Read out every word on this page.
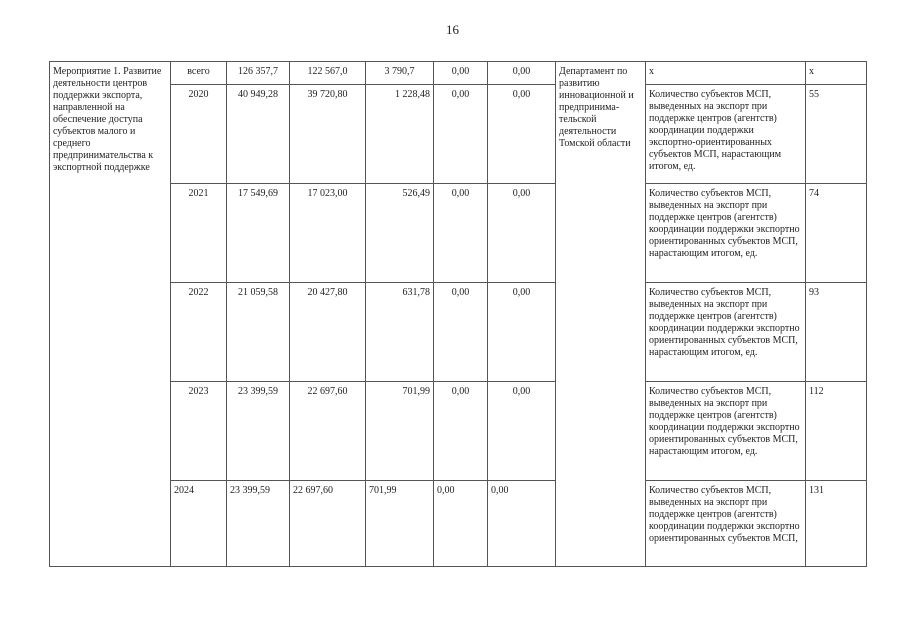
16
Мероприятие 1. Развитие деятельности центров поддержки экспорта, направленной на обеспечение доступа субъектов малого и среднего предпринимательства к экспортной поддержке	всего	126 357,7	122 567,0	3 790,7	0,00	0,00	Департамент по развитию инновационной и предпринима-тельской деятельности Томской области	x	x
	2020	40 949,28	39 720,80	1 228,48	0,00	0,00		Количество субъектов МСП, выведенных на экспорт при поддержке центров (агентств) координации поддержки экспортно-ориентированных субъектов МСП, нарастающим итогом, ед.	55
	2021	17 549,69	17 023,00	526,49	0,00	0,00		Количество субъектов МСП, выведенных на экспорт при поддержке центров (агентств) координации поддержки экспортно ориентированных субъектов МСП, нарастающим итогом, ед.	74
	2022	21 059,58	20 427,80	631,78	0,00	0,00		Количество субъектов МСП, выведенных на экспорт при поддержке центров (агентств) координации поддержки экспортно ориентированных субъектов МСП, нарастающим итогом, ед.	93
	2023	23 399,59	22 697,60	701,99	0,00	0,00		Количество субъектов МСП, выведенных на экспорт при поддержке центров (агентств) координации поддержки экспортно ориентированных субъектов МСП, нарастающим итогом, ед.	112
	2024	23 399,59	22 697,60	701,99	0,00	0,00		Количество субъектов МСП, выведенных на экспорт при поддержке центров (агентств) координации поддержки экспортно ориентированных субъектов МСП,	131
